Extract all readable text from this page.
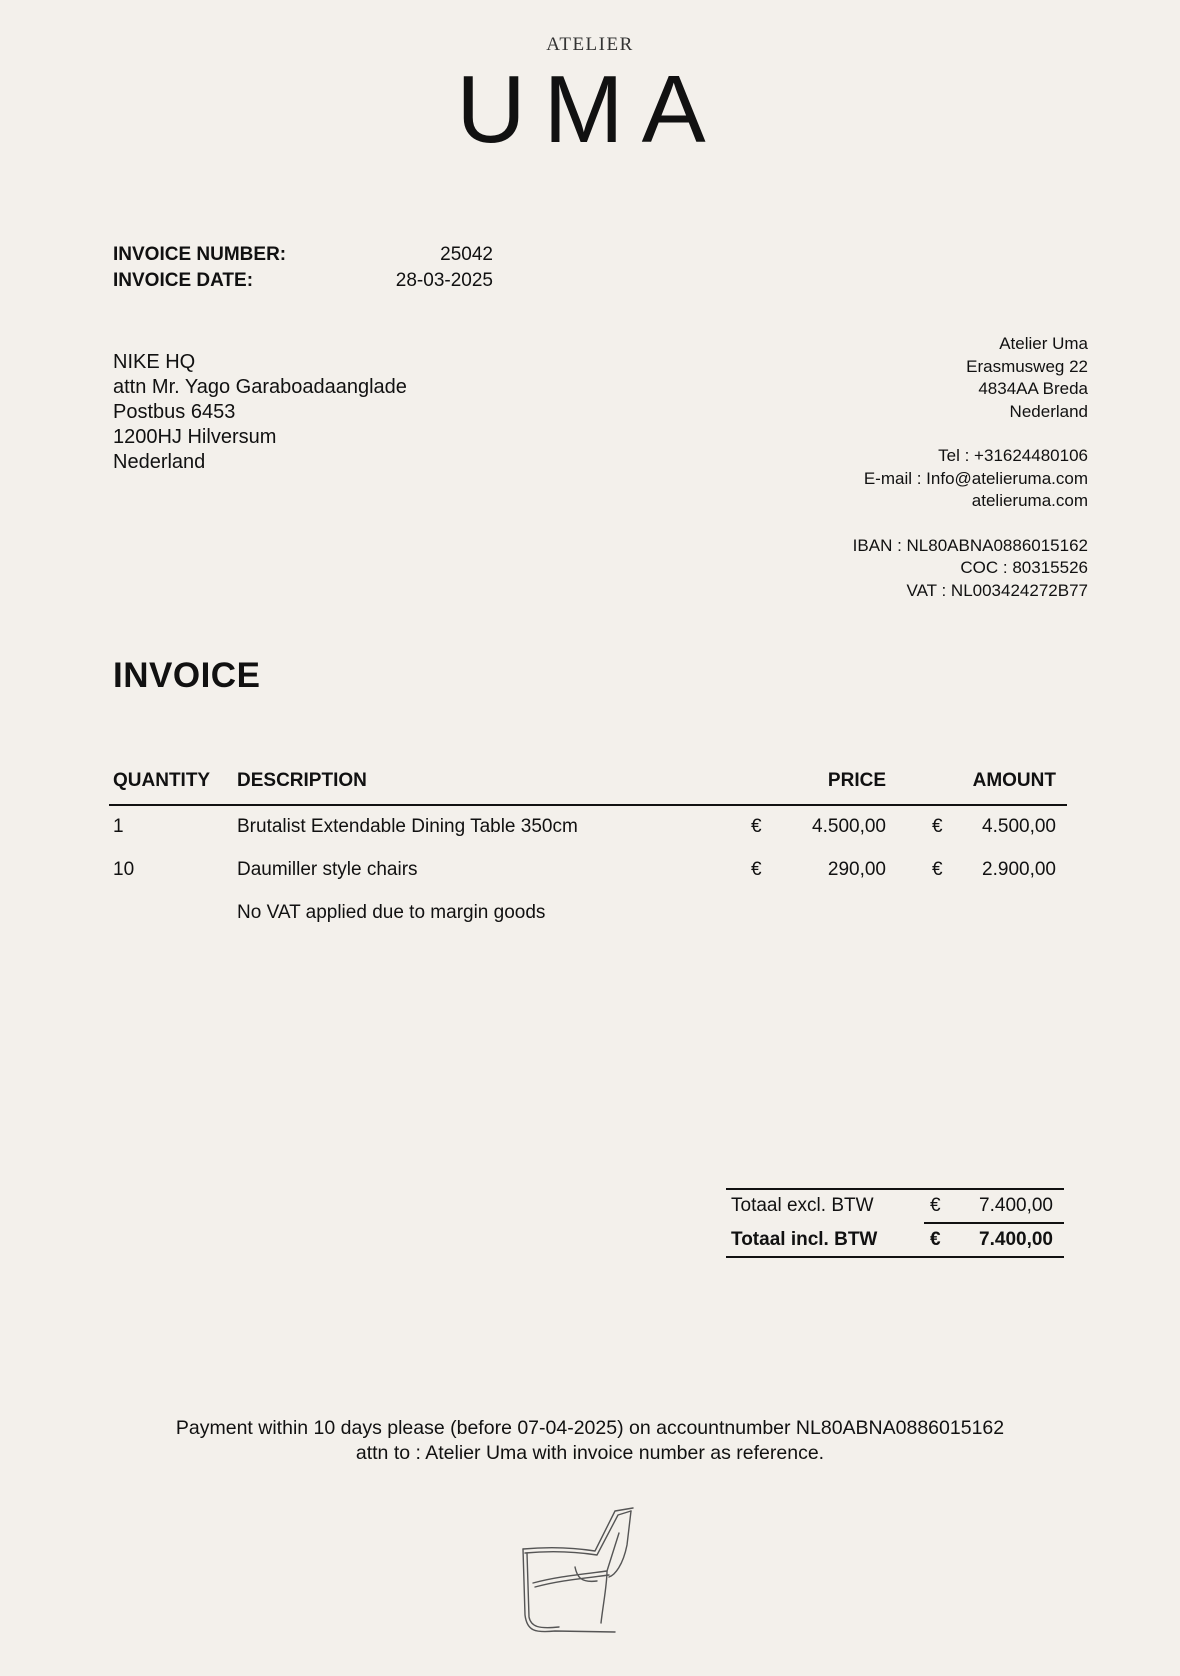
ATELIER
UMA
INVOICE NUMBER:	25042
INVOICE DATE:	28-03-2025
NIKE HQ
attn Mr. Yago Garaboadaanglade
Postbus 6453
1200HJ Hilversum
Nederland
Atelier Uma
Erasmusweg 22
4834AA Breda
Nederland
Tel : +31624480106
E-mail : Info@atelieruma.com
atelieruma.com
IBAN : NL80ABNA0886015162
COC : 80315526
VAT : NL003424272B77
INVOICE
QUANTITY DESCRIPTION	PRICE	AMOUNT
1	Brutalist Extendable Dining Table 350cm	€	4.500,00 €	4.500,00
10	Daumiller style chairs	€	290,00 €	2.900,00
No VAT applied due to margin goods
Totaal excl. BTW	€	7.400,00
Totaal incl. BTW	€	7.400,00
Payment within 10 days please (before 07-04-2025) on accountnumber NL80ABNA0886015162
attn to : Atelier Uma with invoice number as reference.
